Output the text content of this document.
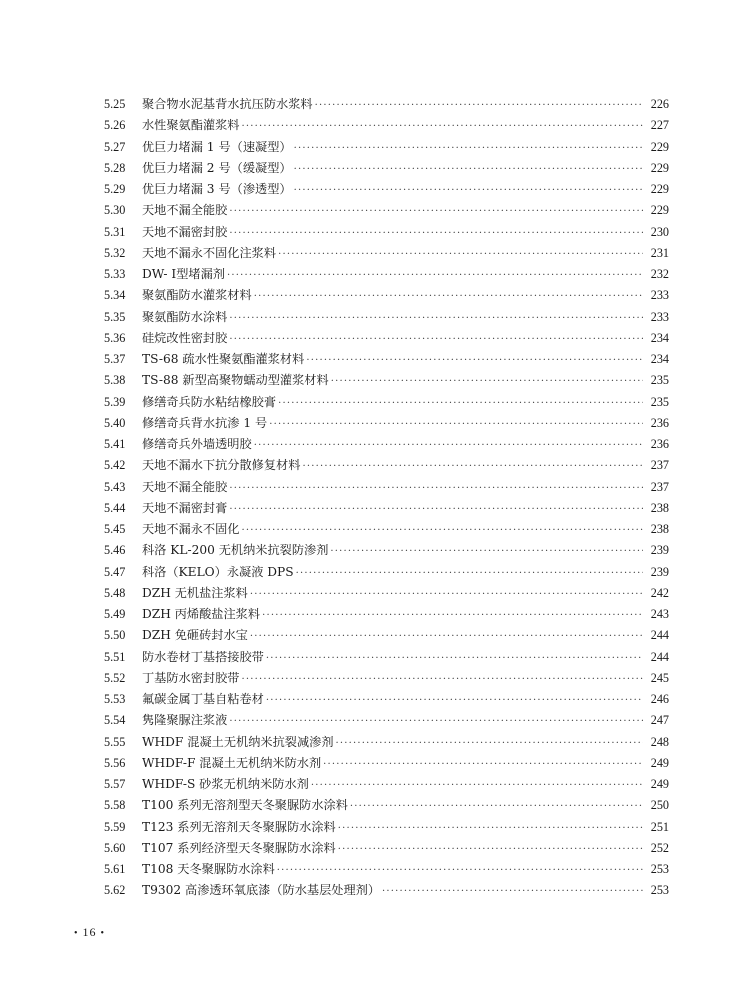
5.25	聚合物水泥基背水抗压防水浆料 ·····	226
5.26	水性聚氨酯灌浆料 ·····	227
5.27	优巨力堵漏 1 号（速凝型） ·····	229
5.28	优巨力堵漏 2 号（缓凝型） ·····	229
5.29	优巨力堵漏 3 号（渗透型） ·····	229
5.30	天地不漏全能胶 ·····	229
5.31	天地不漏密封胶 ·····	230
5.32	天地不漏永不固化注浆料 ·····	231
5.33	DW- Ⅰ型堵漏剂 ·····	232
5.34	聚氨酯防水灌浆材料 ·····	233
5.35	聚氨酯防水涂料 ·····	233
5.36	硅烷改性密封胶 ·····	234
5.37	TS-68 疏水性聚氨酯灌浆材料 ·····	234
5.38	TS-88 新型高聚物蠕动型灌浆材料 ·····	235
5.39	修缮奇兵防水粘结橡胶膏 ·····	235
5.40	修缮奇兵背水抗渗 1 号 ·····	236
5.41	修缮奇兵外墙透明胶 ·····	236
5.42	天地不漏水下抗分散修复材料 ·····	237
5.43	天地不漏全能胶 ·····	237
5.44	天地不漏密封膏 ·····	238
5.45	天地不漏永不固化 ·····	238
5.46	科洛 KL-200 无机纳米抗裂防渗剂 ·····	239
5.47	科洛（KELO）永凝液 DPS ·····	239
5.48	DZH 无机盐注浆料 ·····	242
5.49	DZH 丙烯酸盐注浆料 ·····	243
5.50	DZH 免砸砖封水宝 ·····	244
5.51	防水卷材丁基搭接胶带 ·····	244
5.52	丁基防水密封胶带 ·····	245
5.53	氟碳金属丁基自粘卷材 ·····	246
5.54	隽隆聚脲注浆液 ·····	247
5.55	WHDF 混凝土无机纳米抗裂减渗剂 ·····	248
5.56	WHDF-F 混凝土无机纳米防水剂 ·····	249
5.57	WHDF-S 砂浆无机纳米防水剂 ·····	249
5.58	T100 系列无溶剂型天冬聚脲防水涂料 ·····	250
5.59	T123 系列无溶剂天冬聚脲防水涂料 ·····	251
5.60	T107 系列经济型天冬聚脲防水涂料 ·····	252
5.61	T108 天冬聚脲防水涂料 ·····	253
5.62	T9302 高渗透环氧底漆（防水基层处理剂） ·····	253
• 16 •
